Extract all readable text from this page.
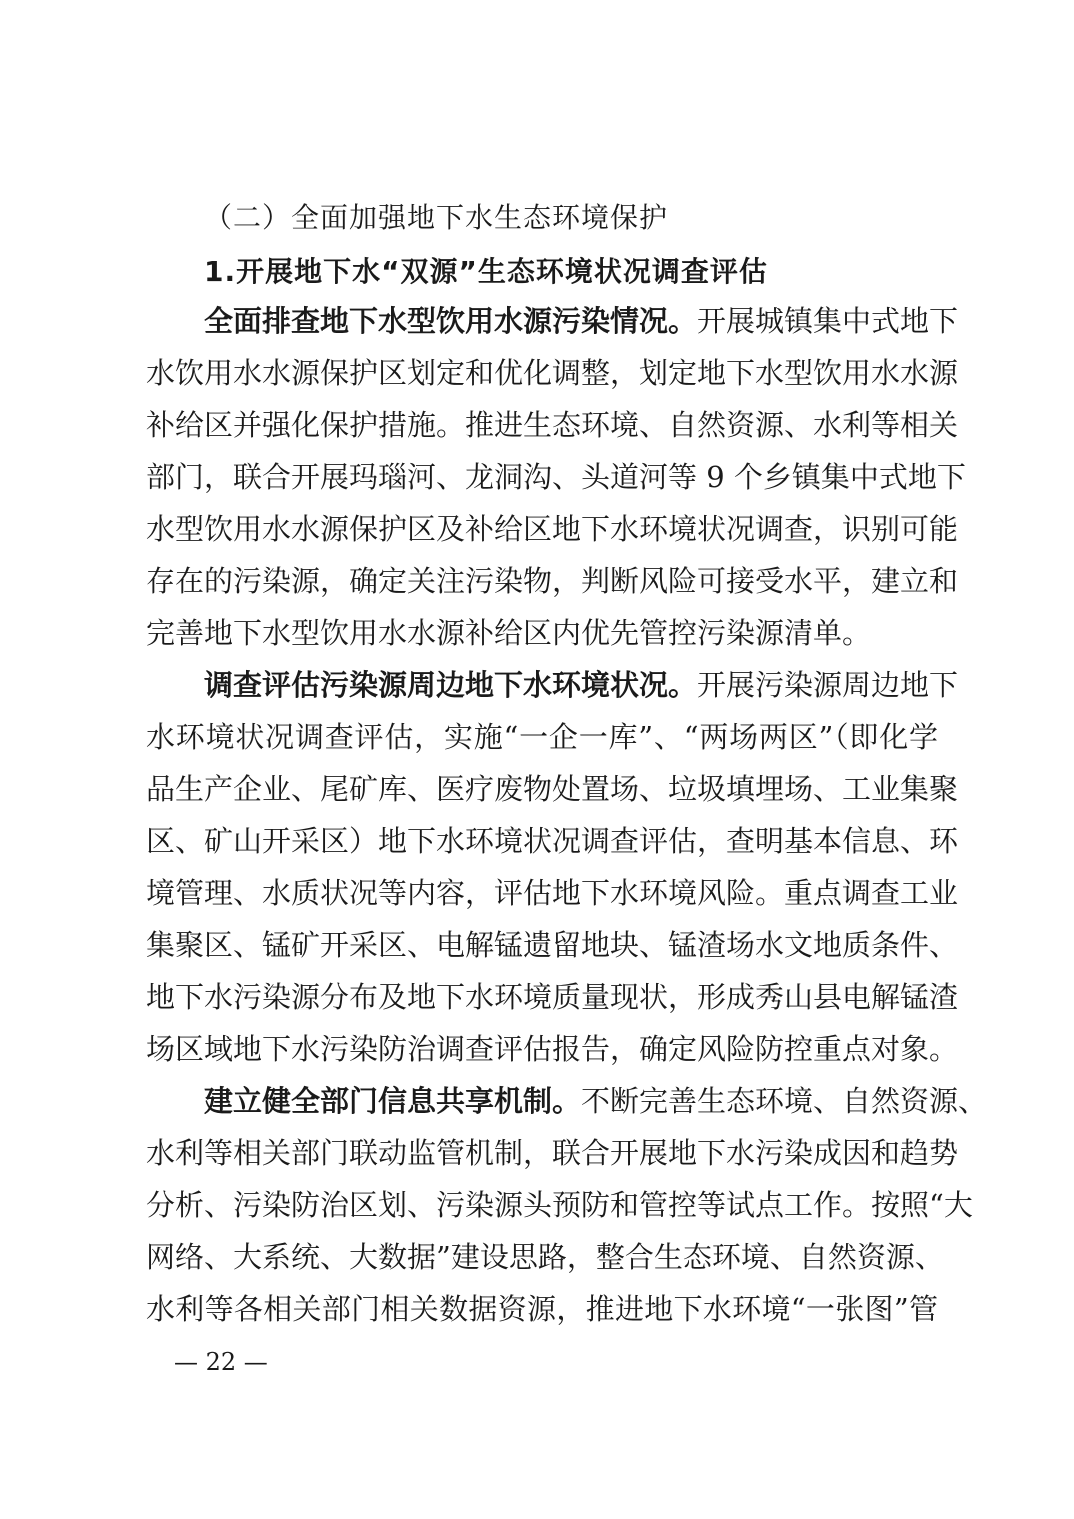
（二）全面加强地下水生态环境保护
1.开展地下水“双源”生态环境状况调查评估
全面排查地下水型饮用水源污染情况。开展城镇集中式地下
水饮用水水源保护区划定和优化调整，划定地下水型饮用水水源
补给区并强化保护措施。推进生态环境、自然资源、水利等相关
部门，联合开展玛瑙河、龙洞沟、头道河等 9 个乡镇集中式地下
水型饮用水水源保护区及补给区地下水环境状况调查，识别可能
存在的污染源，确定关注污染物，判断风险可接受水平，建立和
完善地下水型饮用水水源补给区内优先管控污染源清单。
调查评估污染源周边地下水环境状况。开展污染源周边地下
水环境状况调查评估，实施“一企一库”、“两场两区”（即化学
品生产企业、尾矿库、医疗废物处置场、垃圾填埋场、工业集聚
区、矿山开采区）地下水环境状况调查评估，查明基本信息、环
境管理、水质状况等内容，评估地下水环境风险。重点调查工业
集聚区、锰矿开采区、电解锰遗留地块、锰渣场水文地质条件、
地下水污染源分布及地下水环境质量现状，形成秀山县电解锰渣
场区域地下水污染防治调查评估报告，确定风险防控重点对象。
建立健全部门信息共享机制。不断完善生态环境、自然资源、
水利等相关部门联动监管机制，联合开展地下水污染成因和趋势
分析、污染防治区划、污染源头预防和管控等试点工作。按照“大
网络、大系统、大数据”建设思路，整合生态环境、自然资源、
水利等各相关部门相关数据资源，推进地下水环境“一张图”管
— 22 —
